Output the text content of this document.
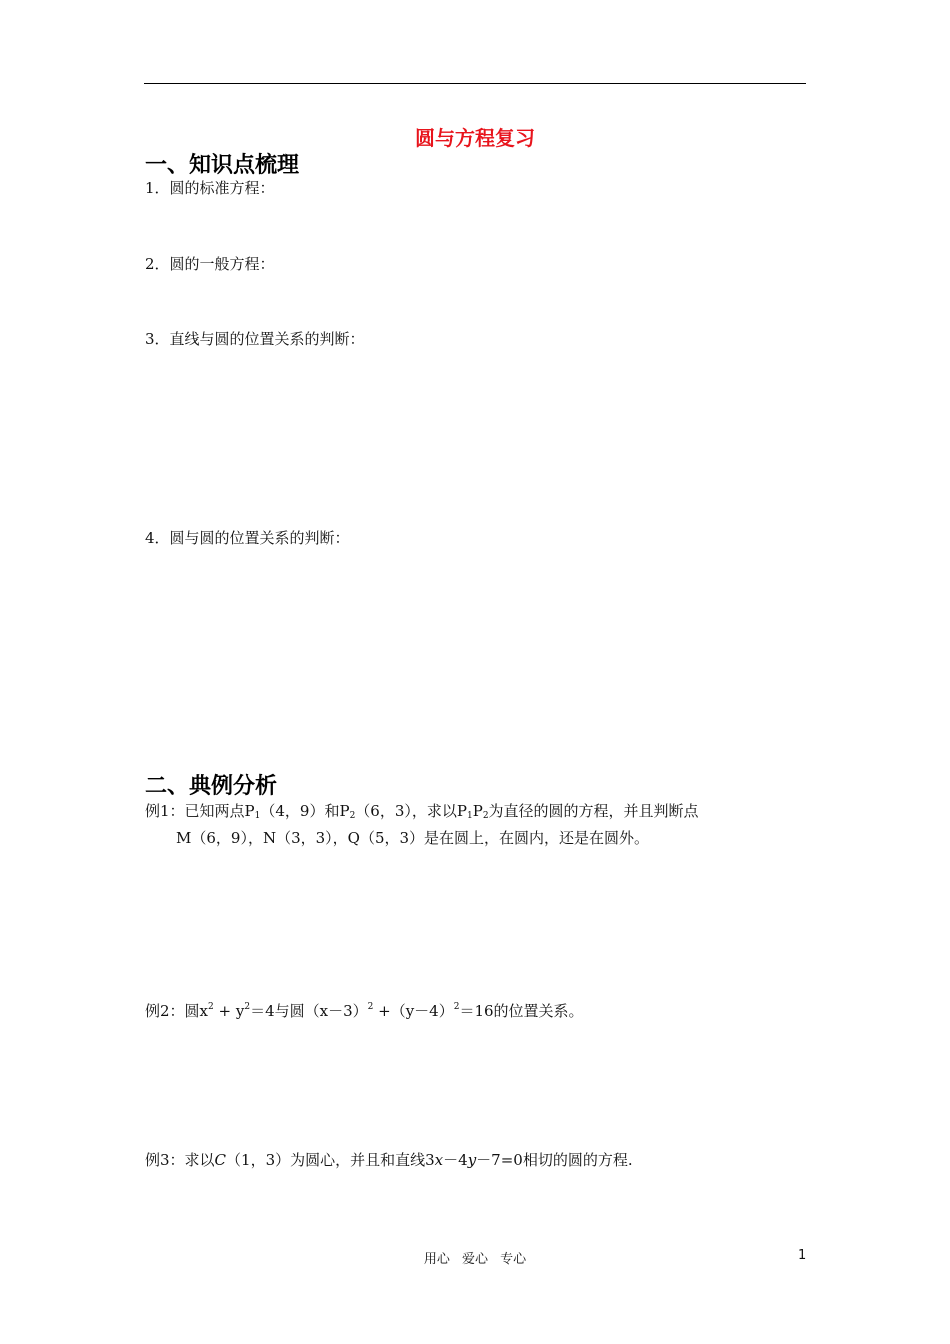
圆与方程复习
一、知识点梳理
1．圆的标准方程：
2．圆的一般方程：
3．直线与圆的位置关系的判断：
4．圆与圆的位置关系的判断：
二、典例分析
例1：已知两点$P_1(4$，9）和$P_2(6$，3），求以$P_1P_2$为直径的圆的方程，并且判断点
M（6，9），N（3，3），Q（5，3）是在圆上，在圆内，还是在圆外。
例2：圆$x^2 + y^2=4$与圆$(x-3)^2 +(y-4)^2=16$的位置关系。
例3：求以C（1，3）为圆心，并且和直线3x－4y－7=0相切的圆的方程.
用心 爱心 专心	1
